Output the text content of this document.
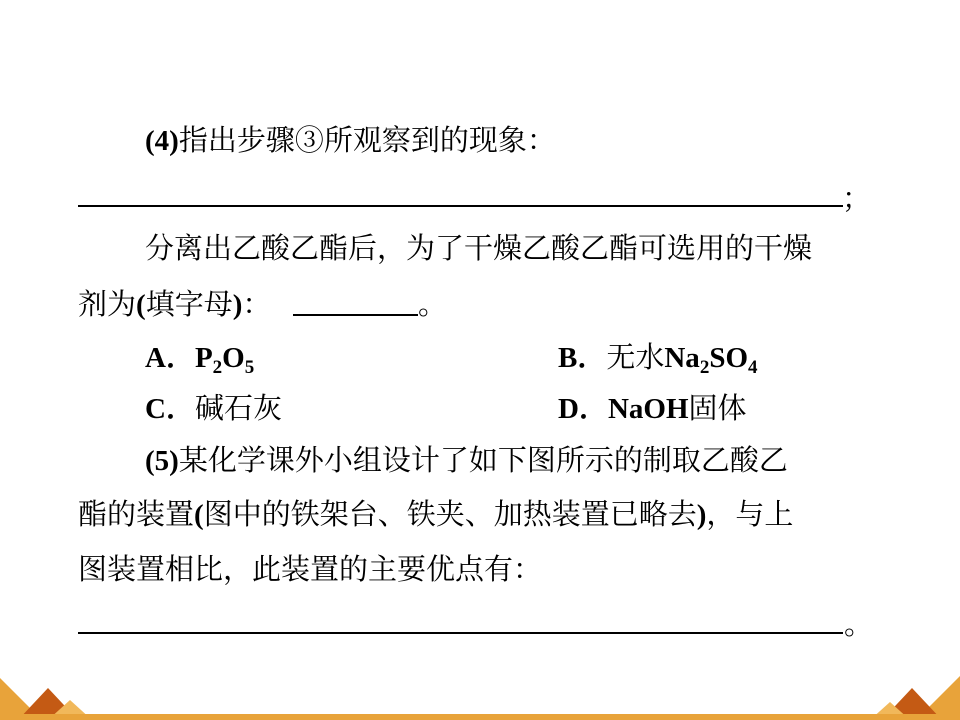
(4)指出步骤③所观察到的现象：
；
分离出乙酸乙酯后，为了干燥乙酸乙酯可选用的干燥
剂为(填字母)：	。
A．$P_2O_5$	B．无水$Na_2SO_4$
C．碱石灰	D．NaOH固体
(5)某化学课外小组设计了如下图所示的制取乙酸乙
酯的装置(图中的铁架台、铁夹、加热装置已略去)，与上
图装置相比，此装置的主要优点有：
。
